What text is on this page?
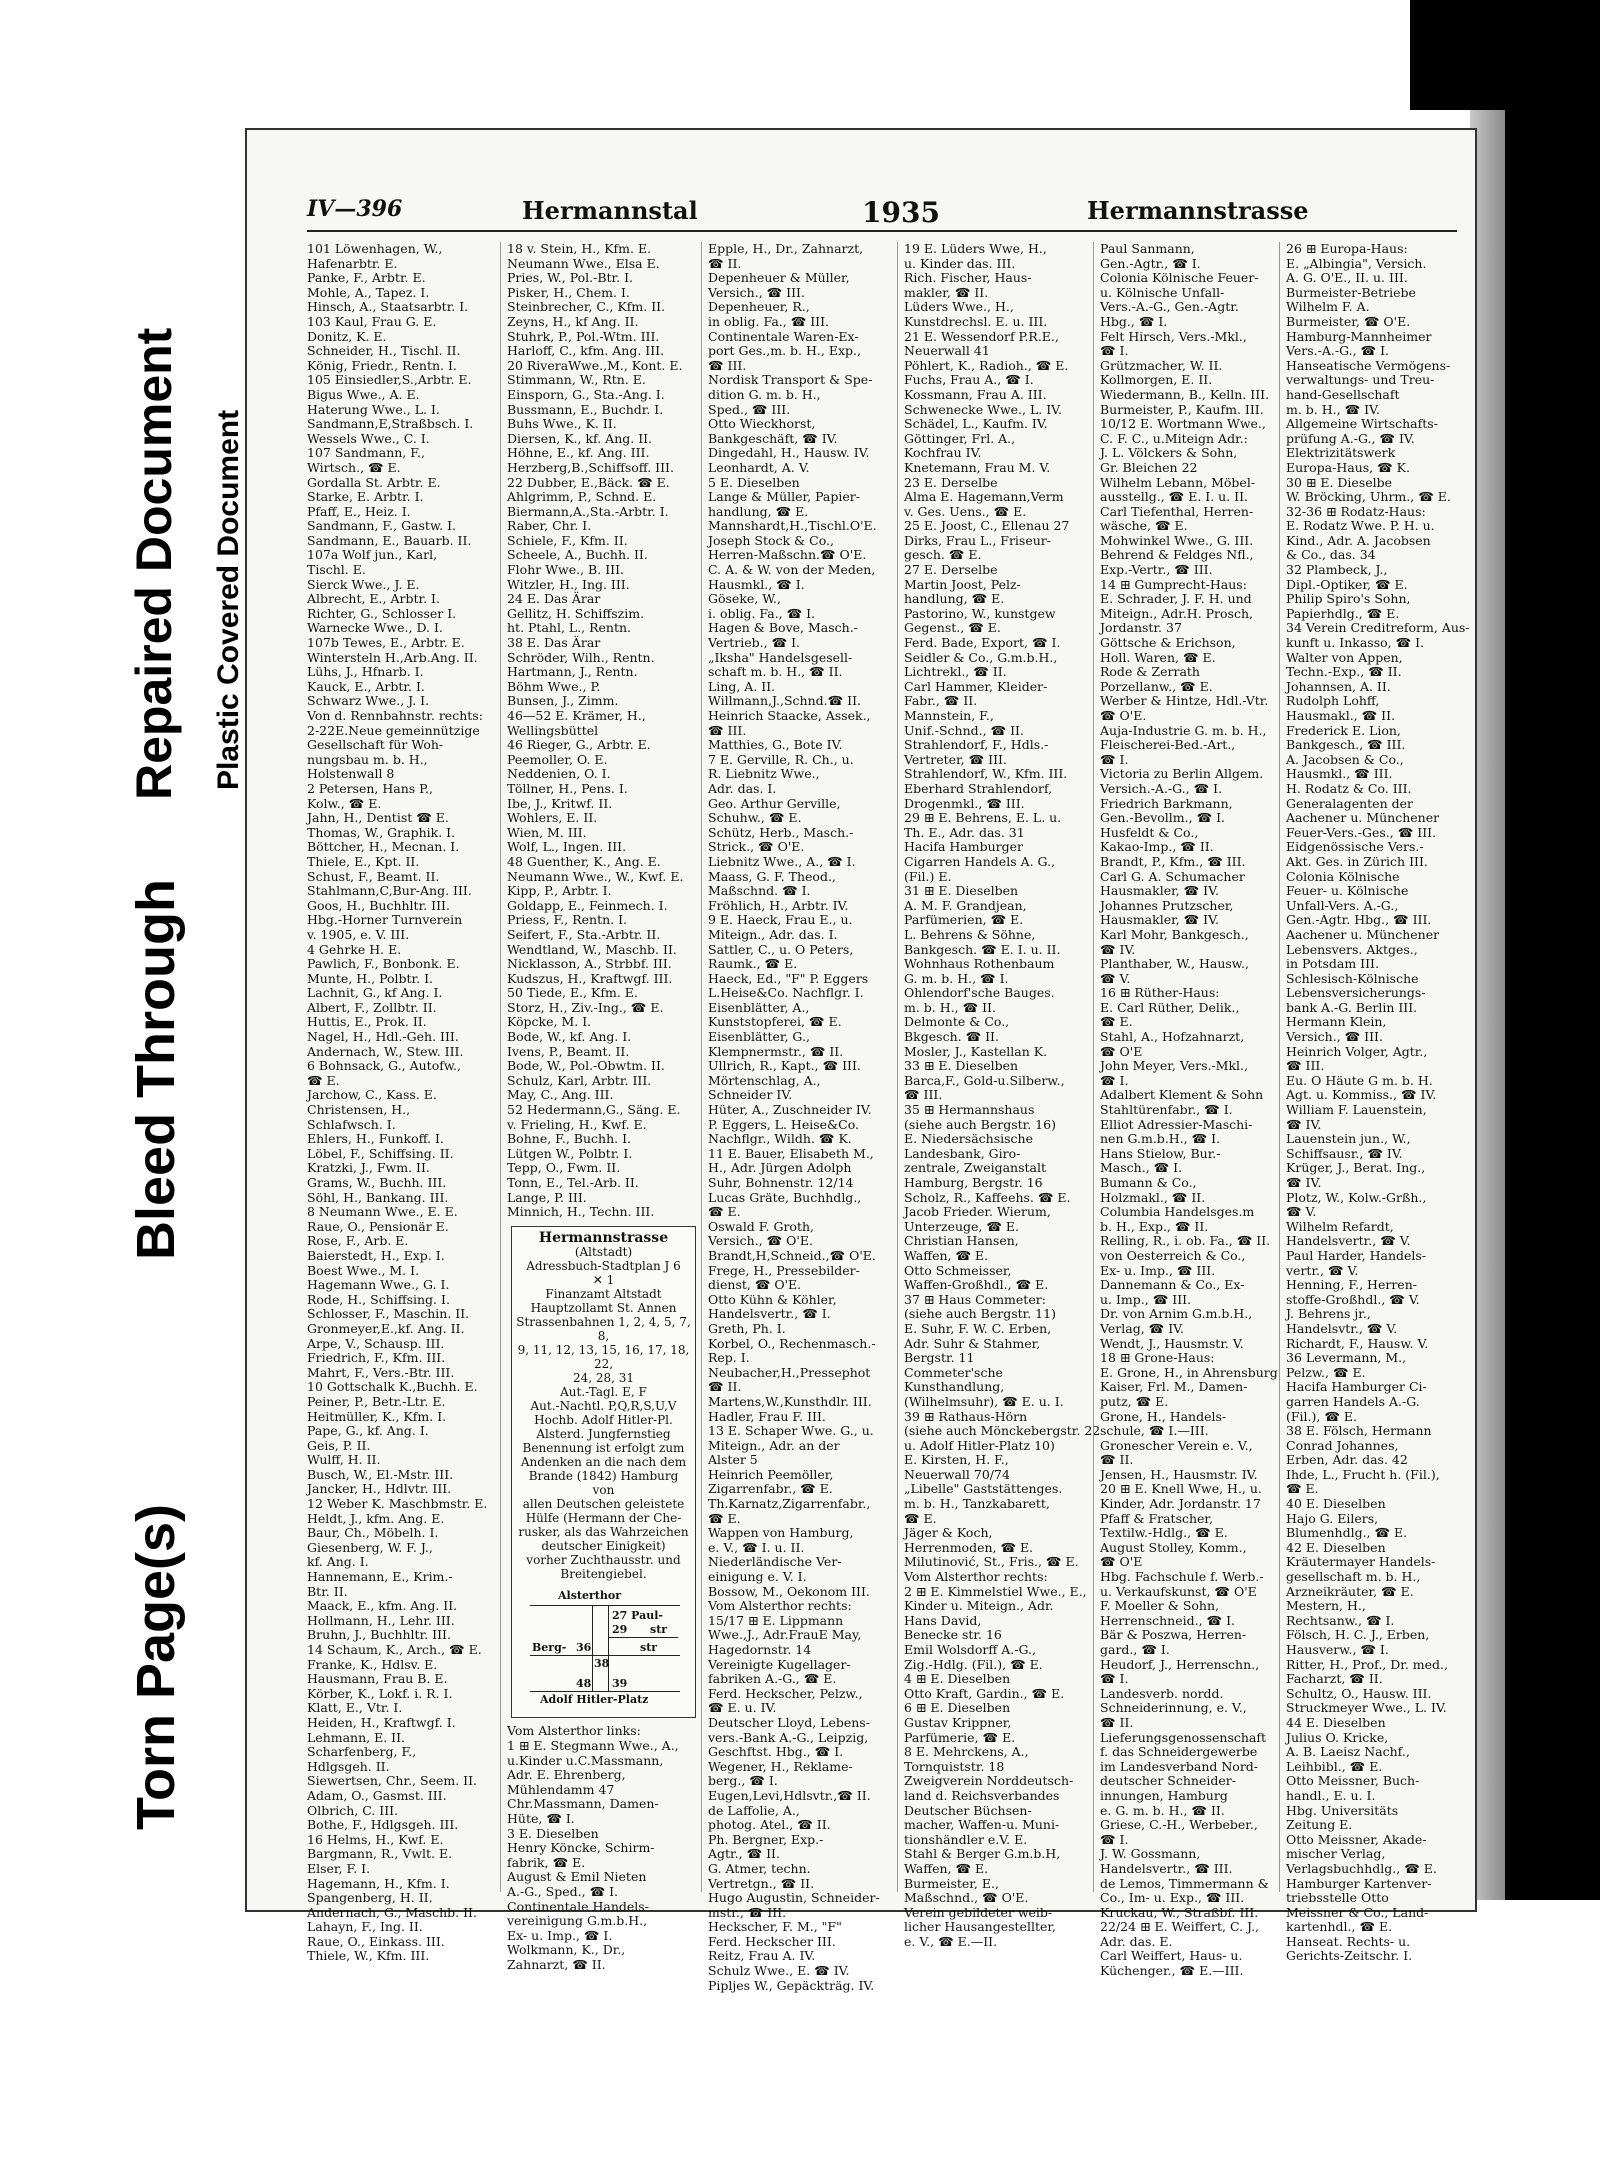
Torn Page(s)
Bleed Through
Repaired Document Plastic Covered Document
IV—396	Hermannstal	1935	Hermannstrasse
101 Löwenhagen, W.,
Hafenarbtr. E.
Panke, F., Arbtr. E.
Mohle, A., Tapez. I.
Hinsch, A., Staatsarbtr. I.
103 Kaul, Frau G. E.
Donitz, K. E.
Schneider, H., Tischl. II.
König, Friedr., Rentn. I.
105 Einsiedler,S.,Arbtr. E.
Bigus Wwe., A. E.
Haterung Wwe., L. I.
Sandmann,E,Straßbsch. I.
Wessels Wwe., C. I.
107 Sandmann, F.,
Wirtsch., ☎ E.
Gordalla St. Arbtr. E.
Starke, E. Arbtr. I.
Pfaff, E., Heiz. I.
Sandmann, F., Gastw. I.
Sandmann, E., Bauarb. II.
107a Wolf jun., Karl,
Tischl. E.
Sierck Wwe., J. E.
Albrecht, E., Arbtr. I.
Richter, G., Schlosser I.
Warnecke Wwe., D. I.
107b Tewes, E., Arbtr. E.
Wintersteln H.,Arb.Ang. II.
Lühs, J., Hfnarb. I.
Kauck, E., Arbtr. I.
Schwarz Wwe., J. I.
Von d. Rennbahnstr. rechts:
2-22E.Neue gemeinnützige
Gesellschaft für Woh-
nungsbau m. b. H.,
Holstenwall 8
2 Petersen, Hans P.,
Kolw., ☎ E.
Jahn, H., Dentist ☎ E.
Thomas, W., Graphik. I.
Böttcher, H., Mecnan. I.
Thiele, E., Kpt. II.
Schust, F., Beamt. II.
Stahlmann,C,Bur-Ang. III.
Goos, H., Buchhltr. III.
Hbg.-Horner Turnverein
v. 1905, e. V. III.
4 Gehrke H. E.
Pawlich, F., Bonbonk. E.
Munte, H., Polbtr. I.
Lachnit, G., kf Ang. I.
Albert, F., Zollbtr. II.
Huttis, E., Prok. II.
Nagel, H., Hdl.-Geh. III.
Andernach, W., Stew. III.
6 Bohnsack, G., Autofw.,
☎ E.
Jarchow, C., Kass. E.
Christensen, H.,
Schlafwsch. I.
Ehlers, H., Funkoff. I.
Löbel, F., Schiffsing. II.
Kratzki, J., Fwm. II.
Grams, W., Buchh. III.
Söhl, H., Bankang. III.
8 Neumann Wwe., E. E.
Raue, O., Pensionär E.
Rose, F., Arb. E.
Baierstedt, H., Exp. I.
Boest Wwe., M. I.
Hagemann Wwe., G. I.
Rode, H., Schiffsing. I.
Schlosser, F., Maschin. II.
Gronmeyer,E.,kf. Ang. II.
Arpe, V., Schausp. III.
Friedrich, F., Kfm. III.
Mahrt, F., Vers.-Btr. III.
10 Gottschalk K.,Buchh. E.
Peiner, P., Betr.-Ltr. E.
Heitmüller, K., Kfm. I.
Pape, G., kf. Ang. I.
Geis, P. II.
Wulff, H. II.
Busch, W., El.-Mstr. III.
Jancker, H., Hdlvtr. III.
12 Weber K. Maschbmstr. E.
Heldt, J., kfm. Ang. E.
Baur, Ch., Möbelh. I.
Giesenberg, W. F. J.,
kf. Ang. I.
Hannemann, E., Krim.-
Btr. II.
Maack, E., kfm. Ang. II.
Hollmann, H., Lehr. III.
Bruhn, J., Buchhltr. III.
14 Schaum, K., Arch., ☎ E.
Franke, K., Hdlsv. E.
Hausmann, Frau B. E.
Körber, K., Lokf. i. R. I.
Klatt, E., Vtr. I.
Heiden, H., Kraftwgf. I.
Lehmann, E. II.
Scharfenberg, F.,
Hdlgsgeh. II.
Siewertsen, Chr., Seem. II.
Adam, O., Gasmst. III.
Olbrich, C. III.
Bothe, F., Hdlgsgeh. III.
16 Helms, H., Kwf. E.
Bargmann, R., Vwlt. E.
Elser, F. I.
Hagemann, H., Kfm. I.
Spangenberg, H. II.
Andernach, G., Maschb. II.
Lahayn, F., Ing. II.
Raue, O., Einkass. III.
Thiele, W., Kfm. III.
18 v. Stein, H., Kfm. E.
Neumann Wwe., Elsa E.
Pries, W., Pol.-Btr. I.
Pisker, H., Chem. I.
Steinbrecher, C., Kfm. II.
Zeyns, H., kf Ang. II.
Stuhrk, P., Pol.-Wtm. III.
Harloff, C., kfm. Ang. III.
20 RiveraWwe.,M., Kont. E.
Stimmann, W., Rtn. E.
Einsporn, G., Sta.-Ang. I.
Bussmann, E., Buchdr. I.
Buhs Wwe., K. II.
Diersen, K., kf. Ang. II.
Höhne, E., kf. Ang. III.
Herzberg,B.,Schiffsoff. III.
22 Dubber, E.,Bäck. ☎ E.
Ahlgrimm, P., Schnd. E.
Biermann,A.,Sta.-Arbtr. I.
Raber, Chr. I.
Schiele, F., Kfm. II.
Scheele, A., Buchh. II.
Flohr Wwe., B. III.
Witzler, H., Ing. III.
24 E. Das Ärar
Gellitz, H. Schiffszim.
ht. Ptahl, L., Rentn.
38 E. Das Ärar
Schröder, Wilh., Rentn.
Hartmann, J., Rentn.
Böhm Wwe., P.
Bunsen, J., Zimm.
46—52 E. Krämer, H.,
Wellingsbüttel
46 Rieger, G., Arbtr. E.
Peemoller, O. E.
Neddenien, O. I.
Töllner, H., Pens. I.
Ibe, J., Kritwf. II.
Wohlers, E. II.
Wien, M. III.
Wolf, L., Ingen. III.
48 Guenther, K., Ang. E.
Neumann Wwe., W., Kwf. E.
Kipp, P., Arbtr. I.
Goldapp, E., Feinmech. I.
Priess, F., Rentn. I.
Seifert, F., Sta.-Arbtr. II.
Wendtland, W., Maschb. II.
Nicklasson, A., Strbbf. III.
Kudszus, H., Kraftwgf. III.
50 Tiede, E., Kfm. E.
Storz, H., Ziv.-Ing., ☎ E.
Köpcke, M. I.
Bode, W., kf. Ang. I.
Ivens, P., Beamt. II.
Bode, W., Pol.-Obwtm. II.
Schulz, Karl, Arbtr. III.
May, C., Ang. III.
52 Hedermann,G., Säng. E.
v. Frieling, H., Kwf. E.
Bohne, F., Buchh. I.
Lütgen W., Polbtr. I.
Tepp, O., Fwm. II.
Tonn, E., Tel.-Arb. II.
Lange, P. III.
Minnich, H., Techn. III.
Hermannstrasse
(Altstadt)
Adressbuch-Stadtplan J 6
✕ 1
Finanzamt Altstadt
Hauptzollamt St. Annen
Strassenbahnen 1, 2, 4, 5, 7, 8,
9, 11, 12, 13, 15, 16, 17, 18, 22,
24, 28, 31
Aut.-Tagl. E, F
Aut.-Nachtl. P,Q,R,S,U,V
Hochb. Adolf Hitler-Pl.
Alsterd. Jungfernstieg
Benennung ist erfolgt zum
Andenken an die nach dem
Brande (1842) Hamburg von
allen Deutschen geleistete
Hülfe (Hermann der Che-
rusker, als das Wahrzeichen
deutscher Einigkeit)
vorher Zuchthausstr. und
Breitengiebel.
Alsterthor
27 Paul-
str
29
Berg- 36	str
38
48 39
Adolf Hitler-Platz
Vom Alsterthor links:
1 ⊞ E. Stegmann Wwe., A.,
u.Kinder u.C.Massmann,
Adr. E. Ehrenberg,
Mühlendamm 47
Chr.Massmann, Damen-
Hüte, ☎ I.
3 E. Dieselben
Henry Köncke, Schirm-
fabrik, ☎ E.
August & Emil Nieten
A.-G., Sped., ☎ I.
Continentale Handels-
vereinigung G.m.b.H.,
Ex- u. Imp., ☎ I.
Wolkmann, K., Dr.,
Zahnarzt, ☎ II.
Epple, H., Dr., Zahnarzt,
☎ II.
Depenheuer & Müller,
Versich., ☎ III.
Depenheuer, R.,
in oblig. Fa., ☎ III.
Continentale Waren-Ex-
port Ges.,m. b. H., Exp.,
☎ III.
Nordisk Transport & Spe-
dition G. m. b. H.,
Sped., ☎ III.
Otto Wieckhorst,
Bankgeschäft, ☎ IV.
Dingedahl, H., Hausw. IV.
Leonhardt, A. V.
5 E. Dieselben
Lange & Müller, Papier-
handlung, ☎ E.
Mannshardt,H.,Tischl.O'E.
Joseph Stock & Co.,
Herren-Maßschn.☎ O'E.
C. A. & W. von der Meden,
Hausmkl., ☎ I.
Göseke, W.,
i. oblig. Fa., ☎ I.
Hagen & Bove, Masch.-
Vertrieb., ☎ I.
„Iksha" Handelsgesell-
schaft m. b. H., ☎ II.
Ling, A. II.
Willmann,J.,Schnd.☎ II.
Heinrich Staacke, Assek.,
☎ III.
Matthies, G., Bote IV.
7 E. Gerville, R. Ch., u.
R. Liebnitz Wwe.,
Adr. das. I.
Geo. Arthur Gerville,
Schuhw., ☎ E.
Schütz, Herb., Masch.-
Strick., ☎ O'E.
Liebnitz Wwe., A., ☎ I.
Maass, G. F. Theod.,
Maßschnd. ☎ I.
Fröhlich, H., Arbtr. IV.
9 E. Haeck, Frau E., u.
Miteign., Adr. das. I.
Sattler, C., u. O Peters,
Raumk., ☎ E.
Haeck, Ed., "F" P. Eggers
L.Heise&Co. Nachflgr. I.
Eisenblätter, A.,
Kunststopferei, ☎ E.
Eisenblätter, G.,
Klempnermstr., ☎ II.
Ullrich, R., Kapt., ☎ III.
Mörtenschlag, A.,
Schneider IV.
Hüter, A., Zuschneider IV.
P. Eggers, L. Heise&Co.
Nachflgr., Wildh. ☎ K.
11 E. Bauer, Elisabeth M.,
H., Adr. Jürgen Adolph
Suhr, Bohnenstr. 12/14
Lucas Gräte, Buchhdlg.,
☎ E.
Oswald F. Groth,
Versich., ☎ O'E.
Brandt,H,Schneid.,☎ O'E.
Frege, H., Pressebilder-
dienst, ☎ O'E.
Otto Kühn & Köhler,
Handelsvertr., ☎ I.
Greth, Ph. I.
Korbel, O., Rechenmasch.-
Rep. I.
Neubacher,H.,Pressephot
☎ II.
Martens,W.,Kunsthdlr. III.
Hadler, Frau F. III.
13 E. Schaper Wwe. G., u.
Miteign., Adr. an der
Alster 5
Heinrich Peemöller,
Zigarrenfabr., ☎ E.
Th.Karnatz,Zigarrenfabr.,
☎ E.
Wappen von Hamburg,
e. V., ☎ I. u. II.
Niederländische Ver-
einigung e. V. I.
Bossow, M., Oekonom III.
Vom Alsterthor rechts:
15/17 ⊞ E. Lippmann
Wwe.,J., Adr.FrauE May,
Hagedornstr. 14
Vereinigte Kugellager-
fabriken A.-G., ☎ E.
Ferd. Heckscher, Pelzw.,
☎ E. u. IV.
Deutscher Lloyd, Lebens-
vers.-Bank A.-G., Leipzig,
Geschftst. Hbg., ☎ I.
Wegener, H., Reklame-
berg., ☎ I.
Eugen,Levi,Hdlsvtr.,☎ II.
de Laffolie, A.,
photog. Atel., ☎ II.
Ph. Bergner, Exp.-
Agtr., ☎ II.
G. Atmer, techn.
Vertretgn., ☎ II.
Hugo Augustin, Schneider-
mstr., ☎ III.
Heckscher, F. M., "F"
Ferd. Heckscher III.
Reitz, Frau A. IV.
Schulz Wwe., E. ☎ IV.
Pipljes W., Gepäckträg. IV.
19 E. Lüders Wwe, H.,
u. Kinder das. III.
Rich. Fischer, Haus-
makler, ☎ II.
Lüders Wwe., H.,
Kunstdrechsl. E. u. III.
21 E. Wessendorf P.R.E.,
Neuerwall 41
Pöhlert, K., Radioh., ☎ E.
Fuchs, Frau A., ☎ I.
Kossmann, Frau A. III.
Schwenecke Wwe., L. IV.
Schädel, L., Kaufm. IV.
Göttinger, Frl. A.,
Kochfrau IV.
Knetemann, Frau M. V.
23 E. Derselbe
Alma E. Hagemann,Verm
v. Ges. Uens., ☎ E.
25 E. Joost, C., Ellenau 27
Dirks, Frau L., Friseur-
gesch. ☎ E.
27 E. Derselbe
Martin Joost, Pelz-
handlung, ☎ E.
Pastorino, W., kunstgew
Gegenst., ☎ E.
Ferd. Bade, Export, ☎ I.
Seidler & Co., G.m.b.H.,
Lichtrekl., ☎ II.
Carl Hammer, Kleider-
Fabr., ☎ II.
Mannstein, F.,
Unif.-Schnd., ☎ II.
Strahlendorf, F., Hdls.-
Vertreter, ☎ III.
Strahlendorf, W., Kfm. III.
Eberhard Strahlendorf,
Drogenmkl., ☎ III.
29 ⊞ E. Behrens, E. L. u.
Th. E., Adr. das. 31
Hacifa Hamburger
Cigarren Handels A. G.,
(Fil.) E.
31 ⊞ E. Dieselben
A. M. F. Grandjean,
Parfümerien, ☎ E.
L. Behrens & Söhne,
Bankgesch. ☎ E. I. u. II.
Wohnhaus Rothenbaum
G. m. b. H., ☎ I.
Ohlendorf'sche Bauges.
m. b. H., ☎ II.
Delmonte & Co.,
Bkgesch. ☎ II.
Mosler, J., Kastellan K.
33 ⊞ E. Dieselben
Barca,F., Gold-u.Silberw.,
☎ III.
35 ⊞ Hermannshaus
(siehe auch Bergstr. 16)
E. Niedersächsische
Landesbank, Giro-
zentrale, Zweiganstalt
Hamburg, Bergstr. 16
Scholz, R., Kaffeehs. ☎ E.
Jacob Frieder. Wierum,
Unterzeuge, ☎ E.
Christian Hansen,
Waffen, ☎ E.
Otto Schmeisser,
Waffen-Großhdl., ☎ E.
37 ⊞ Haus Commeter:
(siehe auch Bergstr. 11)
E. Suhr, F. W. C. Erben,
Adr. Suhr & Stahmer,
Bergstr. 11
Commeter'sche
Kunsthandlung,
(Wilhelmsuhr), ☎ E. u. I.
39 ⊞ Rathaus-Hörn
(siehe auch Mönckebergstr. 22
u. Adolf Hitler-Platz 10)
E. Kirsten, H. F.,
Neuerwall 70/74
„Libelle" Gaststättenges.
m. b. H., Tanzkabarett,
☎ E.
Jäger & Koch,
Herrenmoden, ☎ E.
Milutinović, St., Fris., ☎ E.
Vom Alsterthor rechts:
2 ⊞ E. Kimmelstiel Wwe., E.,
Kinder u. Miteign., Adr.
Hans David,
Benecke str. 16
Emil Wolsdorff A.-G.,
Zig.-Hdlg. (Fil.), ☎ E.
4 ⊞ E. Dieselben
Otto Kraft, Gardin., ☎ E.
6 ⊞ E. Dieselben
Gustav Krippner,
Parfümerie, ☎ E.
8 E. Mehrckens, A.,
Tornquiststr. 18
Zweigverein Norddeutsch-
land d. Reichsverbandes
Deutscher Büchsen-
macher, Waffen-u. Muni-
tionshändler e.V. E.
Stahl & Berger G.m.b.H,
Waffen, ☎ E.
Burmeister, E.,
Maßschnd., ☎ O'E.
Verein gebildeter weib-
licher Hausangestellter,
e. V., ☎ E.—II.
Paul Sanmann,
Gen.-Agtr., ☎ I.
Colonia Kölnische Feuer-
u. Kölnische Unfall-
Vers.-A.-G., Gen.-Agtr.
Hbg., ☎ I.
Felt Hirsch, Vers.-Mkl.,
☎ I.
Grützmacher, W. II.
Kollmorgen, E. II.
Wiedermann, B., Kelln. III.
Burmeister, P., Kaufm. III.
10/12 E. Wortmann Wwe.,
C. F. C., u.Miteign Adr.:
J. L. Völckers & Sohn,
Gr. Bleichen 22
Wilhelm Lebann, Möbel-
ausstellg., ☎ E. I. u. II.
Carl Tiefenthal, Herren-
wäsche, ☎ E.
Mohwinkel Wwe., G. III.
Behrend & Feldges Nfl.,
Exp.-Vertr., ☎ III.
14 ⊞ Gumprecht-Haus:
E. Schrader, J. F. H. und
Miteign., Adr.H. Prosch,
Jordanstr. 37
Göttsche & Erichson,
Holl. Waren, ☎ E.
Rode & Zerrath
Porzellanw., ☎ E.
Werber & Hintze, Hdl.-Vtr.
☎ O'E.
Auja-Industrie G. m. b. H.,
Fleischerei-Bed.-Art.,
☎ I.
Victoria zu Berlin Allgem.
Versich.-A.-G., ☎ I.
Friedrich Barkmann,
Gen.-Bevollm., ☎ I.
Husfeldt & Co.,
Kakao-Imp., ☎ II.
Brandt, P., Kfm., ☎ III.
Carl G. A. Schumacher
Hausmakler, ☎ IV.
Johannes Prutzscher,
Hausmakler, ☎ IV.
Karl Mohr, Bankgesch.,
☎ IV.
Planthaber, W., Hausw.,
☎ V.
16 ⊞ Rüther-Haus:
E. Carl Rüther, Delik.,
☎ E.
Stahl, A., Hofzahnarzt,
☎ O'E
John Meyer, Vers.-Mkl.,
☎ I.
Adalbert Klement & Sohn
Stahltürenfabr., ☎ I.
Elliot Adressier-Maschi-
nen G.m.b.H., ☎ I.
Hans Stielow, Bur.-
Masch., ☎ I.
Bumann & Co.,
Holzmakl., ☎ II.
Columbia Handelsges.m
b. H., Exp., ☎ II.
Relling, R., i. ob. Fa., ☎ II.
von Oesterreich & Co.,
Ex- u. Imp., ☎ III.
Dannemann & Co., Ex-
u. Imp., ☎ III.
Dr. von Arnim G.m.b.H.,
Verlag, ☎ IV.
Wendt, J., Hausmstr. V.
18 ⊞ Grone-Haus:
E. Grone, H., in Ahrensburg
Kaiser, Frl. M., Damen-
putz, ☎ E.
Grone, H., Handels-
schule, ☎ I.—III.
Gronescher Verein e. V.,
☎ II.
Jensen, H., Hausmstr. IV.
20 ⊞ E. Knell Wwe, H., u.
Kinder, Adr. Jordanstr. 17
Pfaff & Fratscher,
Textilw.-Hdlg., ☎ E.
August Stolley, Komm.,
☎ O'E
Hbg. Fachschule f. Werb.-
u. Verkaufskunst, ☎ O'E
F. Moeller & Sohn,
Herrenschneid., ☎ I.
Bär & Poszwa, Herren-
gard., ☎ I.
Heudorf, J., Herrenschn.,
☎ I.
Landesverb. nordd.
Schneiderinnung, e. V.,
☎ II.
Lieferungsgenossenschaft
f. das Schneidergewerbe
im Landesverband Nord-
deutscher Schneider-
innungen, Hamburg
e. G. m. b. H., ☎ II.
Griese, C.-H., Werbeber.,
☎ I.
J. W. Gossmann,
Handelsvertr., ☎ III.
de Lemos, Timmermann &
Co., Im- u. Exp., ☎ III.
Kruckau, W., Straßbf. III.
22/24 ⊞ E. Weiffert, C. J.,
Adr. das. E.
Carl Weiffert, Haus- u.
Küchenger., ☎ E.—III.
26 ⊞ Europa-Haus:
E. „Albingia", Versich.
A. G. O'E., II. u. III.
Burmeister-Betriebe
Wilhelm F. A.
Burmeister, ☎ O'E.
Hamburg-Mannheimer
Vers.-A.-G., ☎ I.
Hanseatische Vermögens-
verwaltungs- und Treu-
hand-Gesellschaft
m. b. H., ☎ IV.
Allgemeine Wirtschafts-
prüfung A.-G., ☎ IV.
Elektrizitätswerk
Europa-Haus, ☎ K.
30 ⊞ E. Dieselbe
W. Bröcking, Uhrm., ☎ E.
32-36 ⊞ Rodatz-Haus:
E. Rodatz Wwe. P. H. u.
Kind., Adr. A. Jacobsen
& Co., das. 34
32 Plambeck, J.,
Dipl.-Optiker, ☎ E.
Philip Spiro's Sohn,
Papierhdlg., ☎ E.
34 Verein Creditreform, Aus-
kunft u. Inkasso, ☎ I.
Walter von Appen,
Techn.-Exp., ☎ II.
Johannsen, A. II.
Rudolph Lohff,
Hausmakl., ☎ II.
Frederick E. Lion,
Bankgesch., ☎ III.
A. Jacobsen & Co.,
Hausmkl., ☎ III.
H. Rodatz & Co. III.
Generalagenten der
Aachener u. Münchener
Feuer-Vers.-Ges., ☎ III.
Eidgenössische Vers.-
Akt. Ges. in Zürich III.
Colonia Kölnische
Feuer- u. Kölnische
Unfall-Vers. A.-G.,
Gen.-Agtr. Hbg., ☎ III.
Aachener u. Münchener
Lebensvers. Aktges.,
in Potsdam III.
Schlesisch-Kölnische
Lebensversicherungs-
bank A.-G. Berlin III.
Hermann Klein,
Versich., ☎ III.
Heinrich Volger, Agtr.,
☎ III.
Eu. O Häute G m. b. H.
Agt. u. Kommiss., ☎ IV.
William F. Lauenstein,
☎ IV.
Lauenstein jun., W.,
Schiffsausr., ☎ IV.
Krüger, J., Berat. Ing.,
☎ IV.
Plotz, W., Kolw.-Grßh.,
☎ V.
Wilhelm Refardt,
Handelsvertr., ☎ V.
Paul Harder, Handels-
vertr., ☎ V.
Henning, F., Herren-
stoffe-Großhdl., ☎ V.
J. Behrens jr.,
Handelsvtr., ☎ V.
Richardt, F., Hausw. V.
36 Levermann, M.,
Pelzw., ☎ E.
Hacifa Hamburger Ci-
garren Handels A.-G.
(Fil.), ☎ E.
38 E. Fölsch, Hermann
Conrad Johannes,
Erben, Adr. das. 42
Ihde, L., Frucht h. (Fil.),
☎ E.
40 E. Dieselben
Hajo G. Eilers,
Blumenhdlg., ☎ E.
42 E. Dieselben
Kräutermayer Handels-
gesellschaft m. b. H.,
Arzneikräuter, ☎ E.
Mestern, H.,
Rechtsanw., ☎ I.
Fölsch, H. C. J., Erben,
Hausverw., ☎ I.
Ritter, H., Prof., Dr. med.,
Facharzt, ☎ II.
Schultz, O., Hausw. III.
Struckmeyer Wwe., L. IV.
44 E. Dieselben
Julius O. Kricke,
A. B. Laeisz Nachf.,
Leihbibl., ☎ E.
Otto Meissner, Buch-
handl., E. u. I.
Hbg. Universitäts
Zeitung E.
Otto Meissner, Akade-
mischer Verlag,
Verlagsbuchhdlg., ☎ E.
Hamburger Kartenver-
triebsstelle Otto
Meissner & Co., Land-
kartenhdl., ☎ E.
Hanseat. Rechts- u.
Gerichts-Zeitschr. I.
